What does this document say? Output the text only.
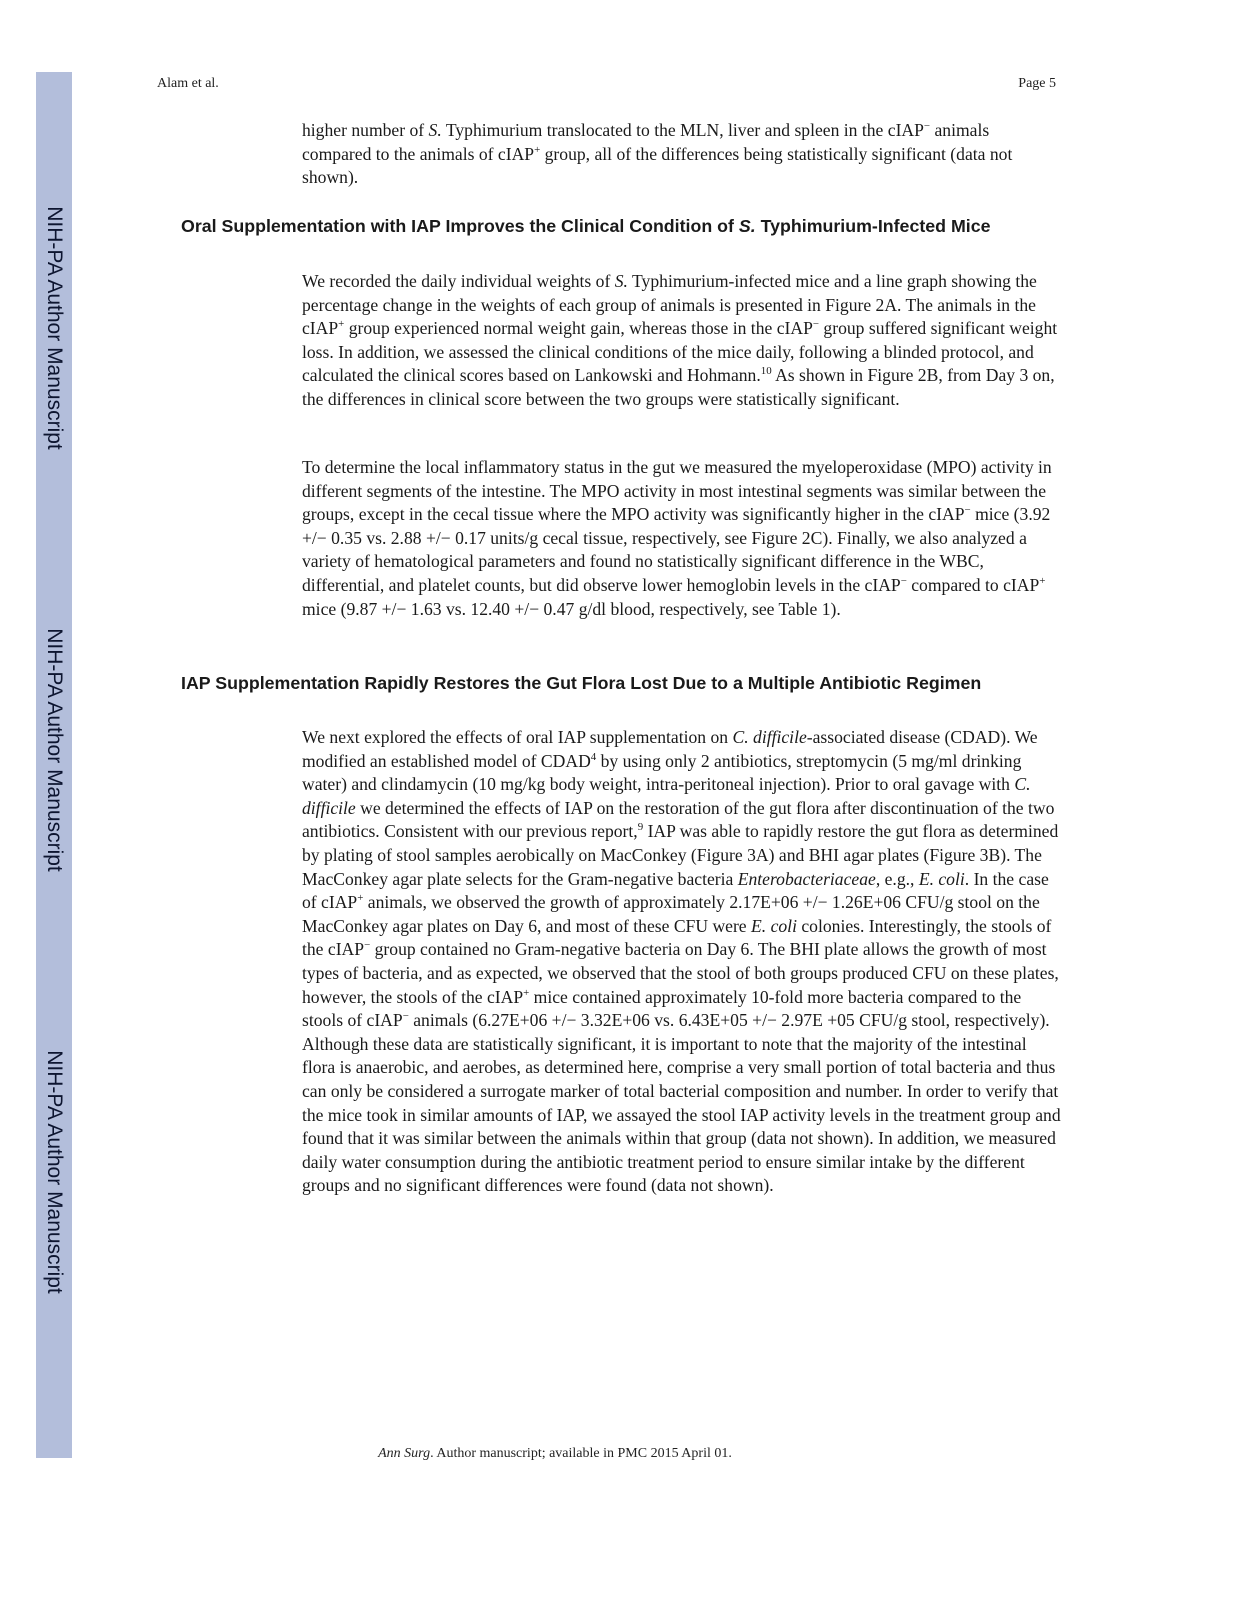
NIH-PA Author Manuscript
NIH-PA Author Manuscript
NIH-PA Author Manuscript
Alam et al.	Page 5

higher number of S. Typhimurium translocated to the MLN, liver and spleen in the cIAP− animals compared to the animals of cIAP+ group, all of the differences being statistically significant (data not shown).

Oral Supplementation with IAP Improves the Clinical Condition of S. Typhimurium-Infected Mice

We recorded the daily individual weights of S. Typhimurium-infected mice and a line graph showing the percentage change in the weights of each group of animals is presented in Figure 2A. The animals in the cIAP+ group experienced normal weight gain, whereas those in the cIAP− group suffered significant weight loss. In addition, we assessed the clinical conditions of the mice daily, following a blinded protocol, and calculated the clinical scores based on Lankowski and Hohmann.$^{10}$ As shown in Figure 2B, from Day 3 on, the differences in clinical score between the two groups were statistically significant.

To determine the local inflammatory status in the gut we measured the myeloperoxidase (MPO) activity in different segments of the intestine. The MPO activity in most intestinal segments was similar between the groups, except in the cecal tissue where the MPO activity was significantly higher in the cIAP− mice (3.92 +/− 0.35 vs. 2.88 +/− 0.17 units/g cecal tissue, respectively, see Figure 2C). Finally, we also analyzed a variety of hematological parameters and found no statistically significant difference in the WBC, differential, and platelet counts, but did observe lower hemoglobin levels in the cIAP− compared to cIAP+ mice (9.87 +/− 1.63 vs. 12.40 +/− 0.47 g/dl blood, respectively, see Table 1).

IAP Supplementation Rapidly Restores the Gut Flora Lost Due to a Multiple Antibiotic Regimen

We next explored the effects of oral IAP supplementation on C. difficile-associated disease (CDAD). We modified an established model of CDAD$^4$ by using only 2 antibiotics, streptomycin (5 mg/ml drinking water) and clindamycin (10 mg/kg body weight, intra-peritoneal injection). Prior to oral gavage with C. difficile we determined the effects of IAP on the restoration of the gut flora after discontinuation of the two antibiotics. Consistent with our previous report,$^9$ IAP was able to rapidly restore the gut flora as determined by plating of stool samples aerobically on MacConkey (Figure 3A) and BHI agar plates (Figure 3B). The MacConkey agar plate selects for the Gram-negative bacteria Enterobacteriaceae, e.g., E. coli. In the case of cIAP+ animals, we observed the growth of approximately 2.17E+06 +/− 1.26E+06 CFU/g stool on the MacConkey agar plates on Day 6, and most of these CFU were E. coli colonies. Interestingly, the stools of the cIAP− group contained no Gram-negative bacteria on Day 6. The BHI plate allows the growth of most types of bacteria, and as expected, we observed that the stool of both groups produced CFU on these plates, however, the stools of the cIAP+ mice contained approximately 10-fold more bacteria compared to the stools of cIAP− animals (6.27E+06 +/− 3.32E+06 vs. 6.43E+05 +/− 2.97E +05 CFU/g stool, respectively). Although these data are statistically significant, it is important to note that the majority of the intestinal flora is anaerobic, and aerobes, as determined here, comprise a very small portion of total bacteria and thus can only be considered a surrogate marker of total bacterial composition and number. In order to verify that the mice took in similar amounts of IAP, we assayed the stool IAP activity levels in the treatment group and found that it was similar between the animals within that group (data not shown). In addition, we measured daily water consumption during the antibiotic treatment period to ensure similar intake by the different groups and no significant differences were found (data not shown).

Ann Surg. Author manuscript; available in PMC 2015 April 01.
